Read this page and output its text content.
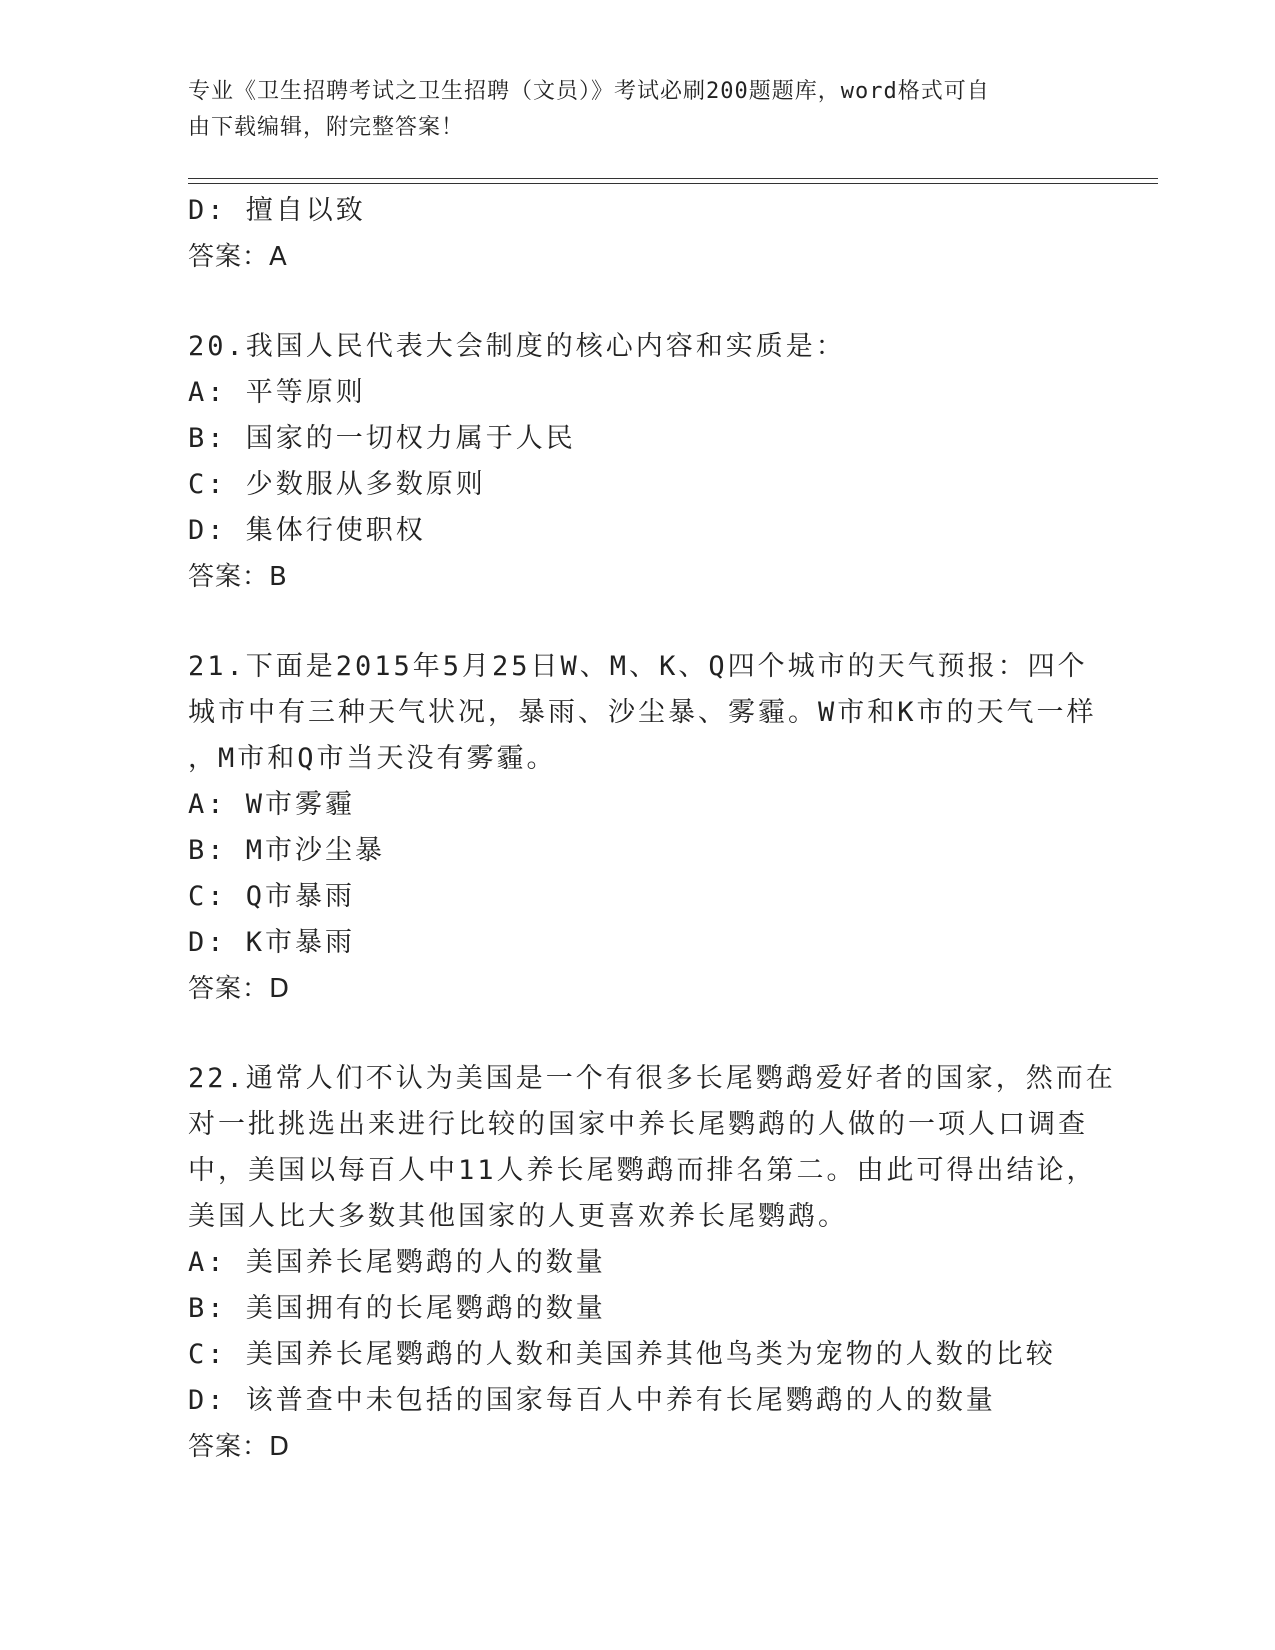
专业《卫生招聘考试之卫生招聘（文员）》考试必刷200题题库，word格式可自
由下载编辑，附完整答案！
D: 擅自以致
答案：A
20.我国人民代表大会制度的核心内容和实质是：
A: 平等原则
B: 国家的一切权力属于人民
C: 少数服从多数原则
D: 集体行使职权
答案：B
21.下面是2015年5月25日W、M、K、Q四个城市的天气预报：四个
城市中有三种天气状况，暴雨、沙尘暴、雾霾。W市和K市的天气一样
，M市和Q市当天没有雾霾。
A: W市雾霾
B: M市沙尘暴
C: Q市暴雨
D: K市暴雨
答案：D
22.通常人们不认为美国是一个有很多长尾鹦鹉爱好者的国家，然而在
对一批挑选出来进行比较的国家中养长尾鹦鹉的人做的一项人口调查
中，美国以每百人中11人养长尾鹦鹉而排名第二。由此可得出结论，
美国人比大多数其他国家的人更喜欢养长尾鹦鹉。
A: 美国养长尾鹦鹉的人的数量
B: 美国拥有的长尾鹦鹉的数量
C: 美国养长尾鹦鹉的人数和美国养其他鸟类为宠物的人数的比较
D: 该普查中未包括的国家每百人中养有长尾鹦鹉的人的数量
答案：D
